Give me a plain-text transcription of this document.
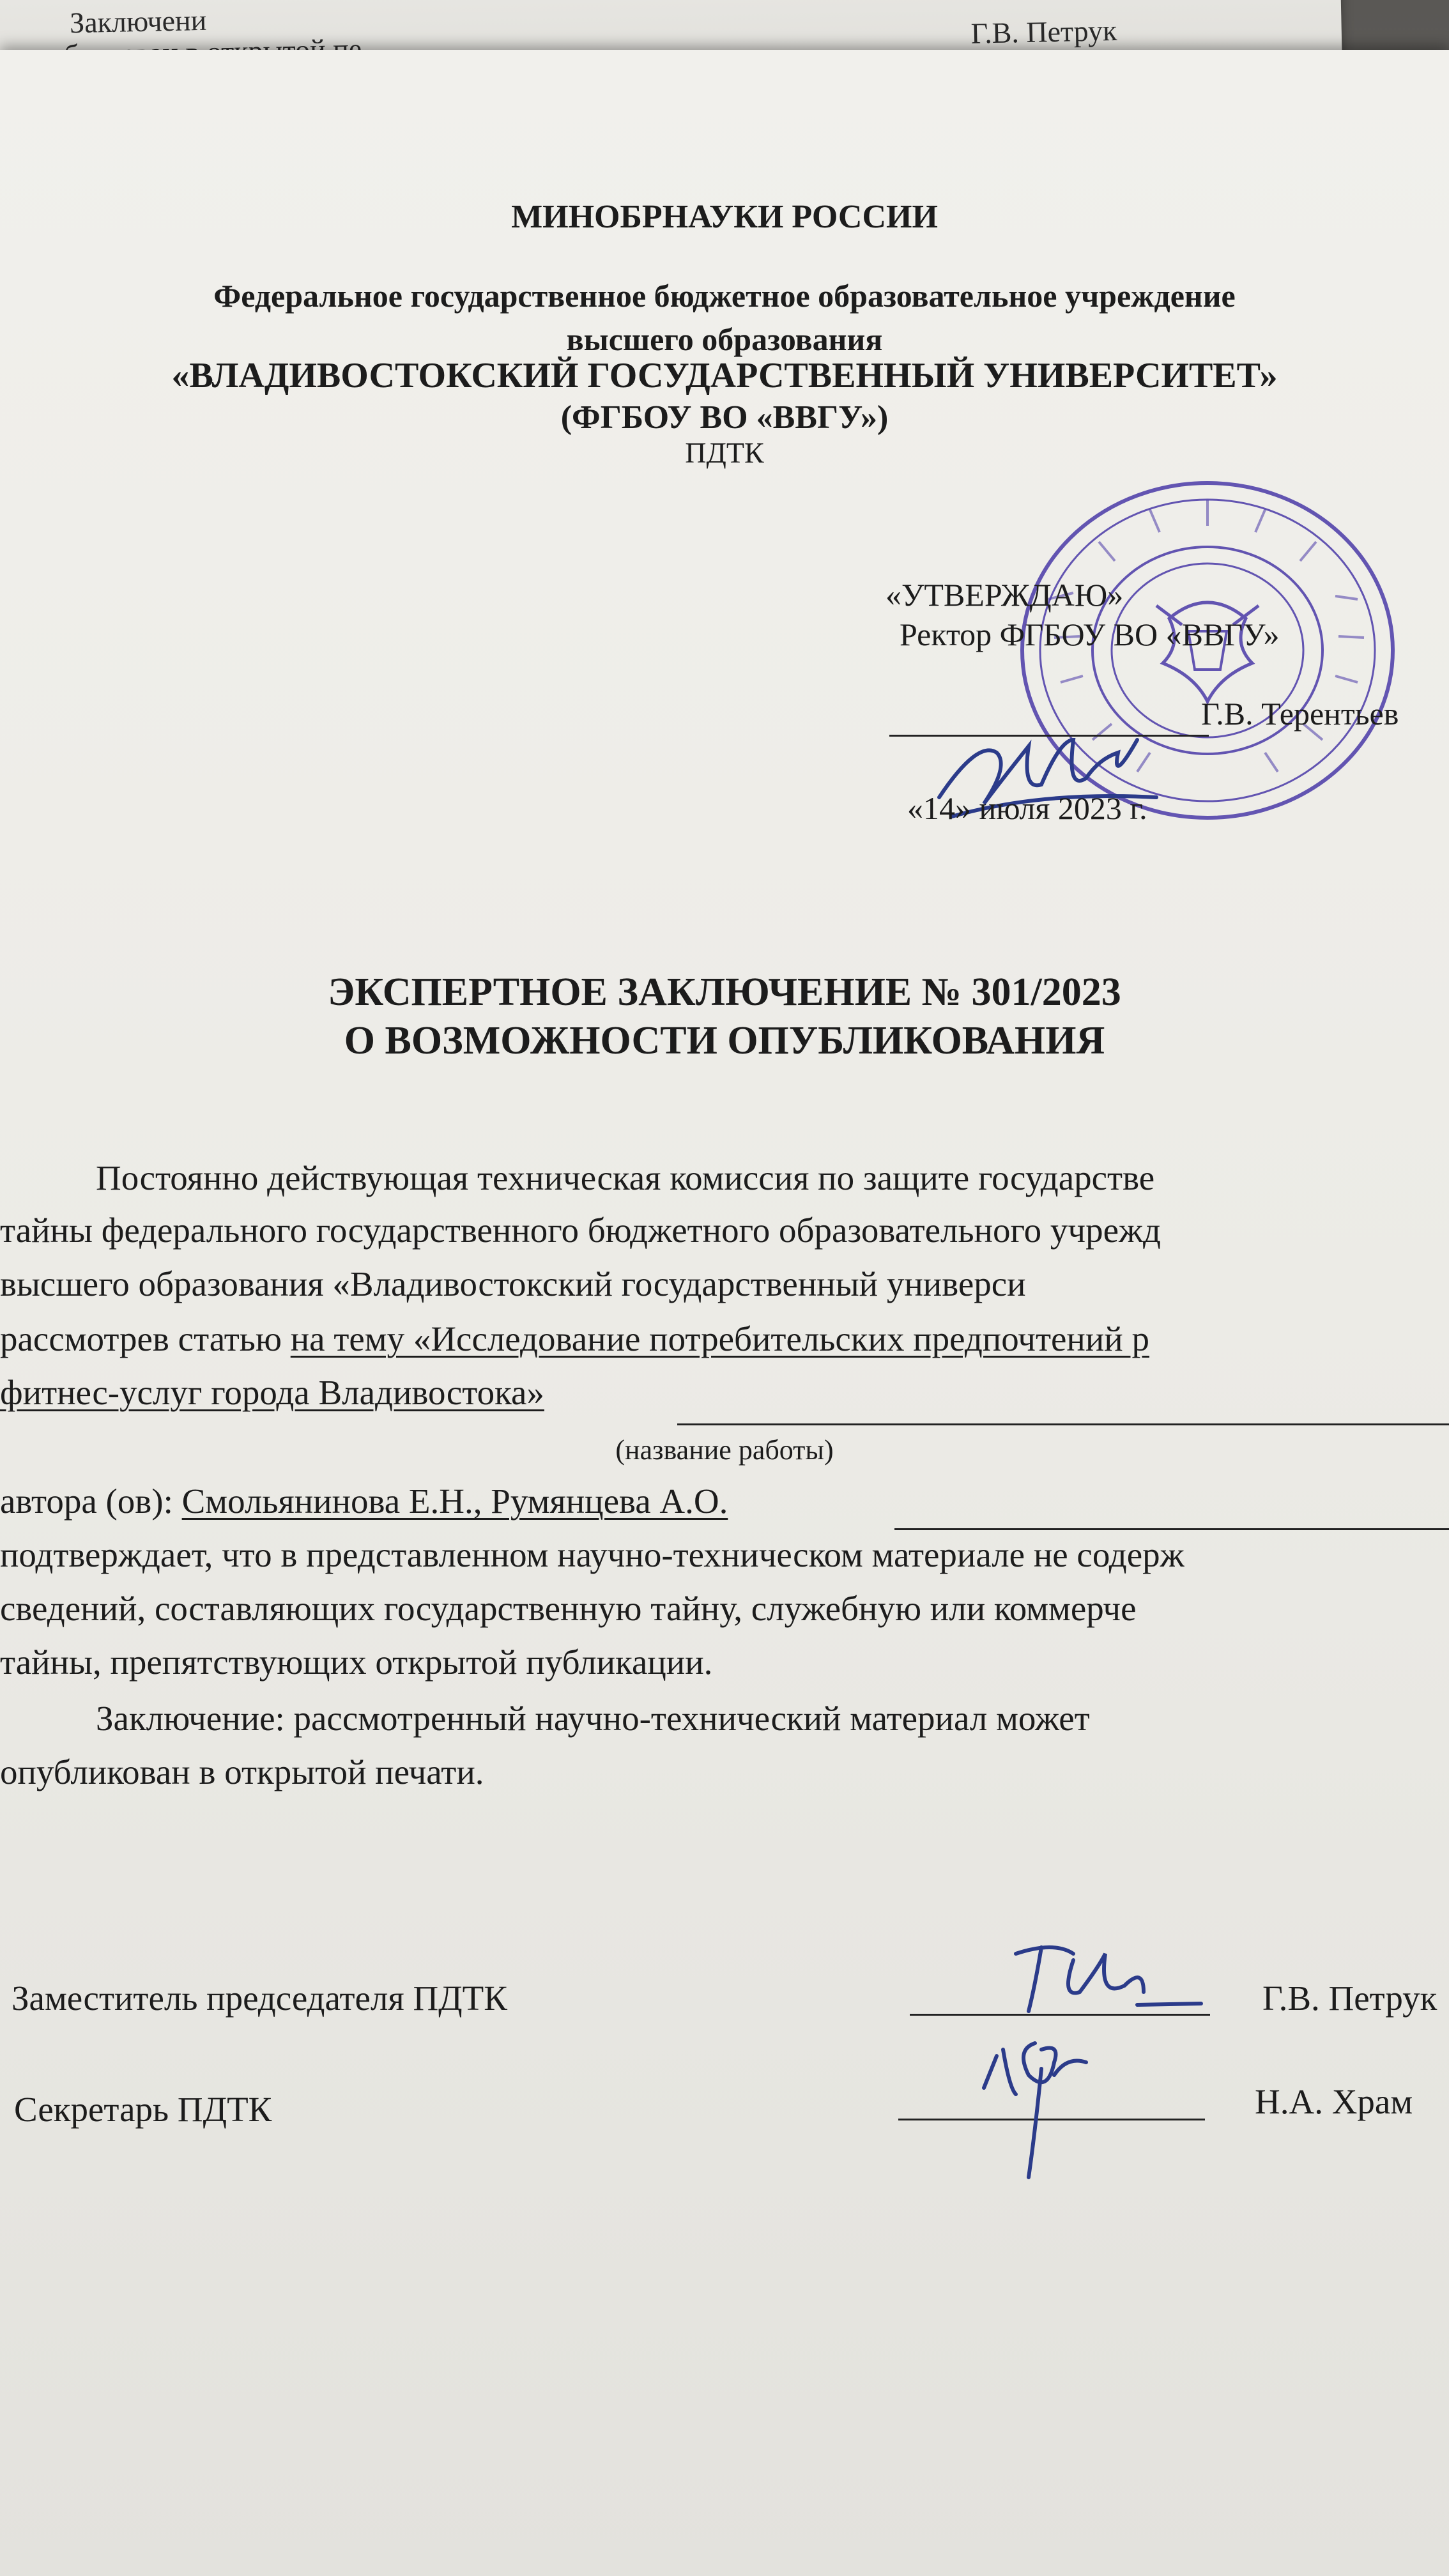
Заключени	Г.В. Петрук
МИНОБРНАУКИ РОССИИ
Федеральное государственное бюджетное образовательное учреждение
высшего образования
«ВЛАДИВОСТОКСКИЙ ГОСУДАРСТВЕННЫЙ УНИВЕРСИТЕТ»
(ФГБОУ ВО «ВВГУ»)
ПДТК
«УТВЕРЖДАЮ»
Ректор ФГБОУ ВО «ВВГУ»
Г.В. Терентьев
«14» июля 2023 г.
ЭКСПЕРТНОЕ ЗАКЛЮЧЕНИЕ № 301/2023
О ВОЗМОЖНОСТИ ОПУБЛИКОВАНИЯ
Постоянно действующая техническая комиссия по защите государстве
тайны федерального государственного бюджетного образовательного учрежд
высшего образования «Владивостокский государственный универси
рассмотрев статью на тему «Исследование потребительских предпочтений р
фитнес-услуг города Владивостока»
(название работы)
автора (ов): Смольянинова Е.Н., Румянцева А.О.
подтверждает, что в представленном научно-техническом материале не содерж
сведений, составляющих государственную тайну, служебную или коммерче
тайны, препятствующих открытой публикации.
Заключение: рассмотренный научно-технический материал может
опубликован в открытой печати.
Заместитель председателя ПДТК	Г.В. Петрук
Секретарь ПДТК	Н.А. Храм
